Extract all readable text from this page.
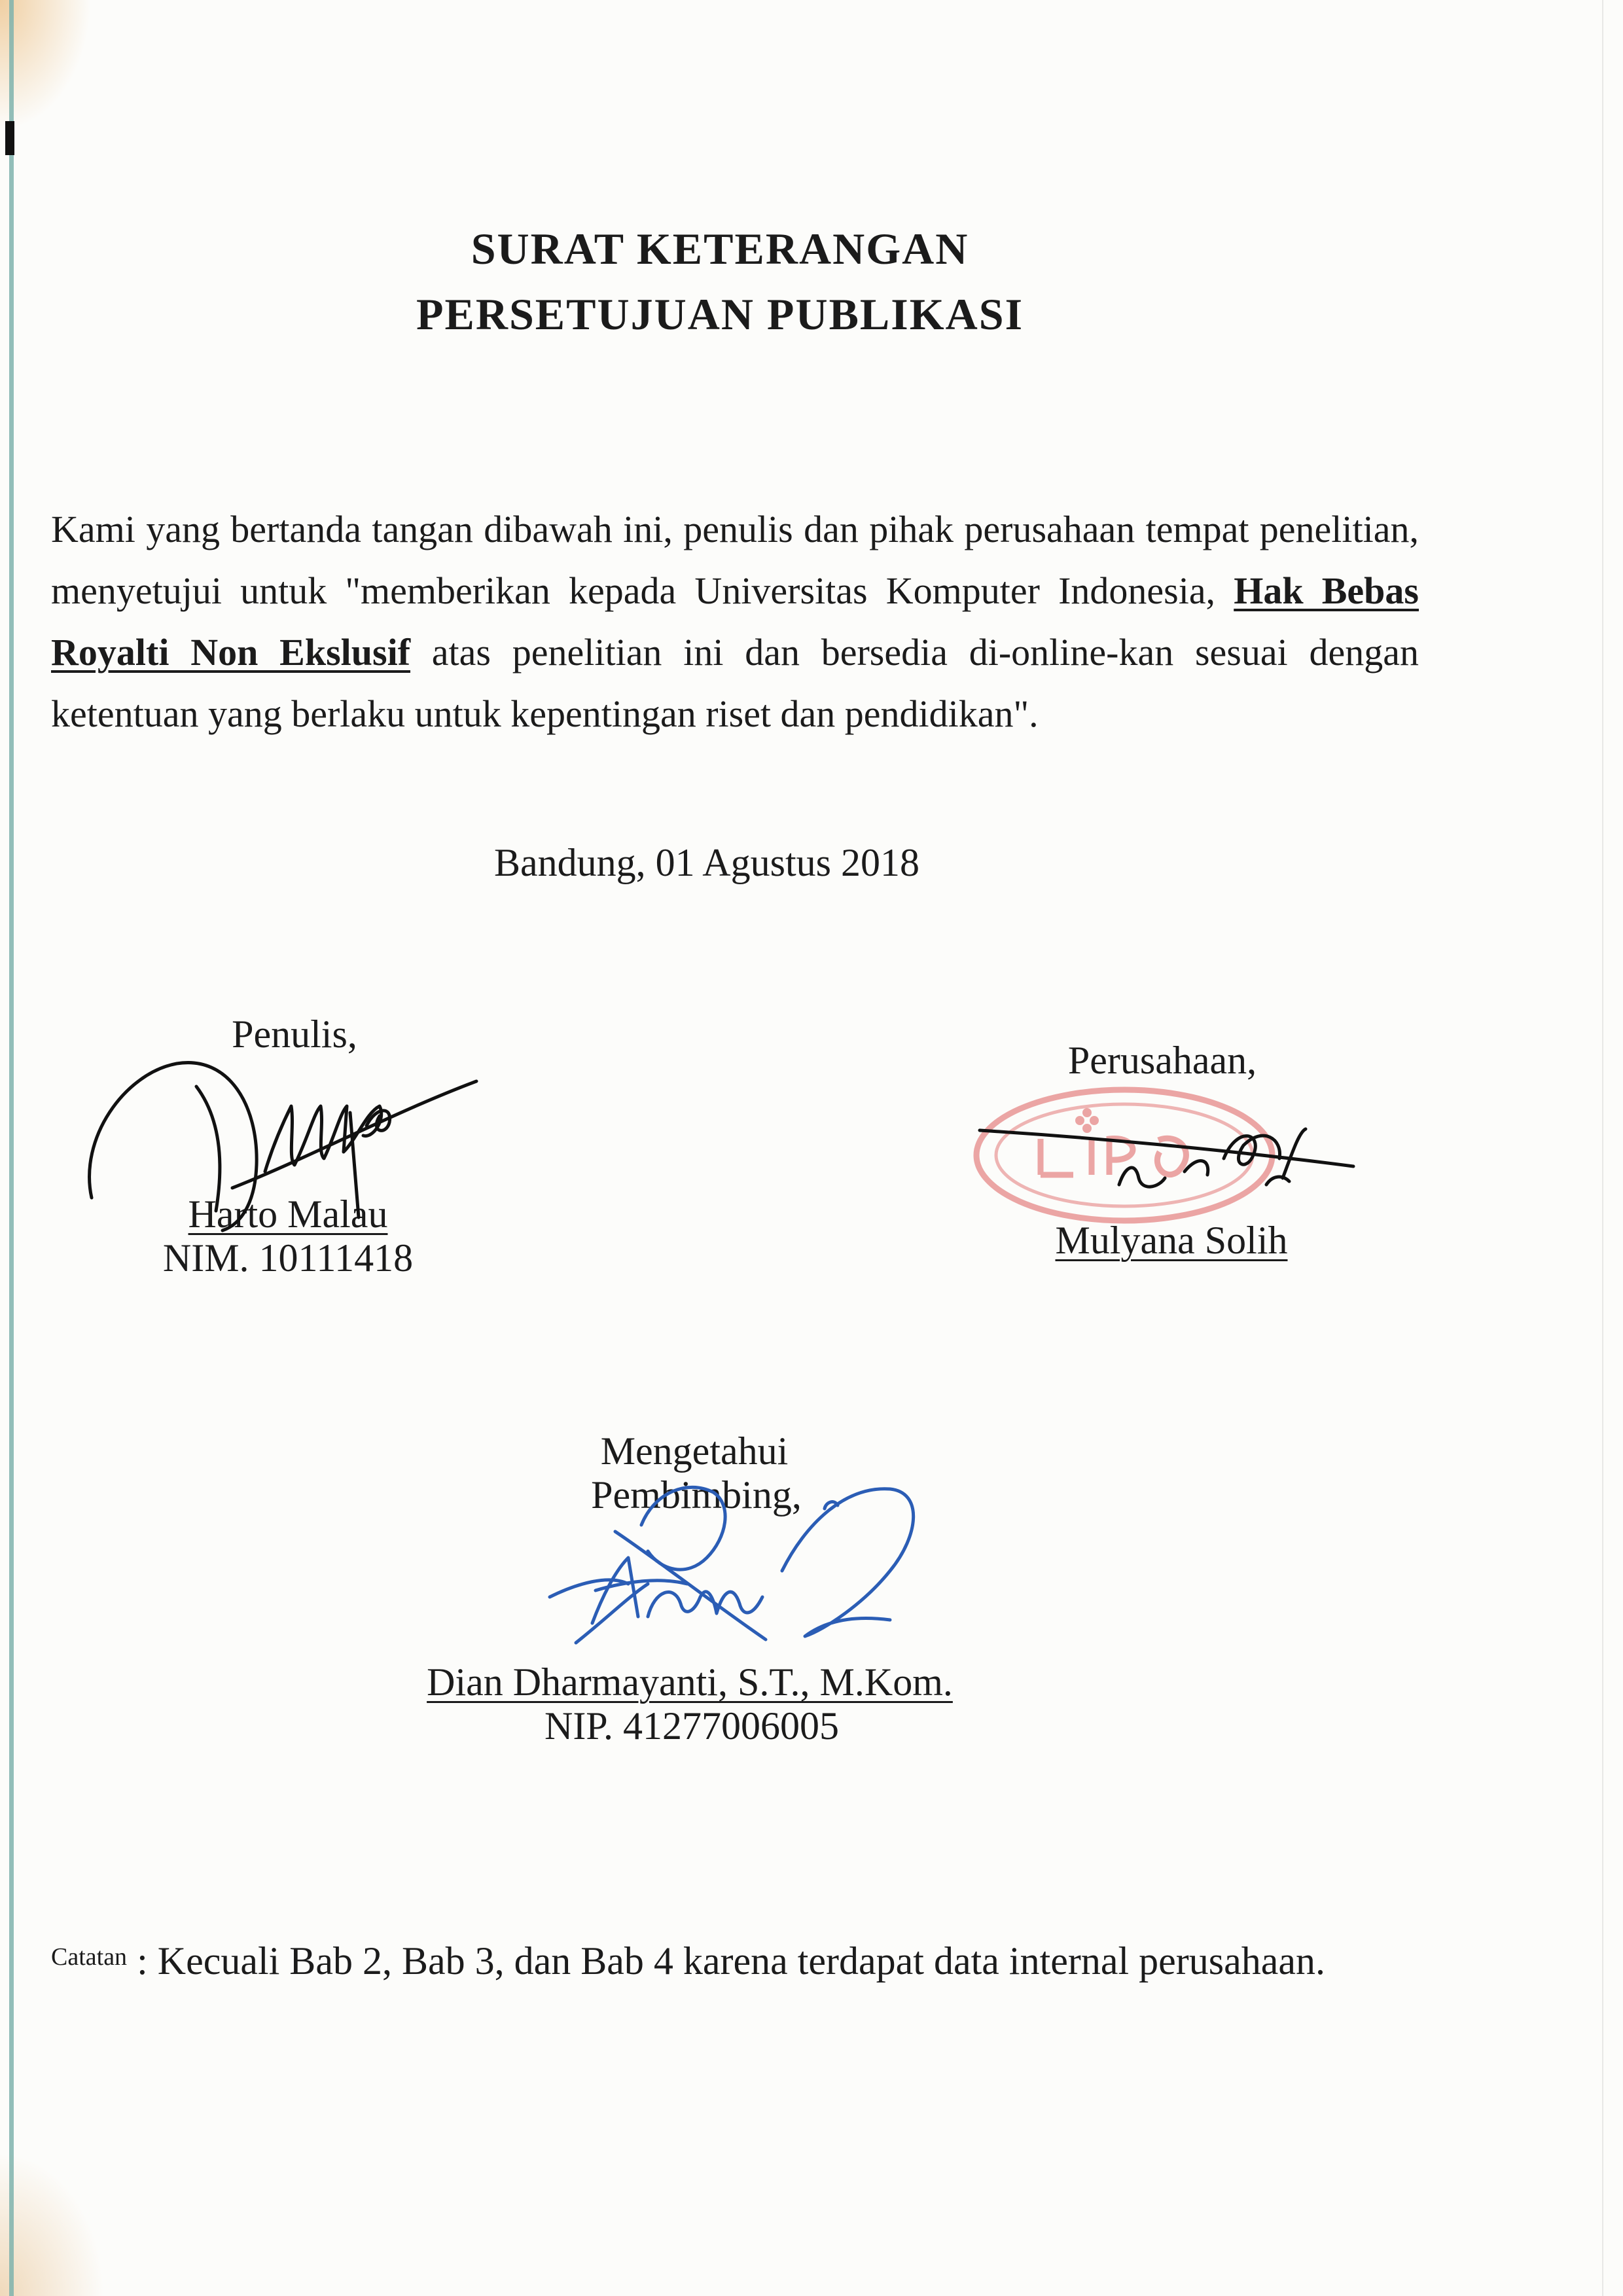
SURAT KETERANGAN
PERSETUJUAN PUBLIKASI

Kami yang bertanda tangan dibawah ini, penulis dan pihak perusahaan tempat penelitian, menyetujui untuk "memberikan kepada Universitas Komputer Indonesia, Hak Bebas Royalti Non Ekslusif atas penelitian ini dan bersedia di-online-kan sesuai dengan ketentuan yang berlaku untuk kepentingan riset dan pendidikan".

Bandung, 01 Agustus 2018
Penulis,
Harto Malau
NIM. 10111418
Perusahaan,
Mulyana Solih
Mengetahui
Pembimbing,
Dian Dharmayanti, S.T., M.Kom.
NIP. 41277006005
$^{Catatan}$ : Kecuali Bab 2, Bab 3, dan Bab 4 karena terdapat data internal perusahaan.
